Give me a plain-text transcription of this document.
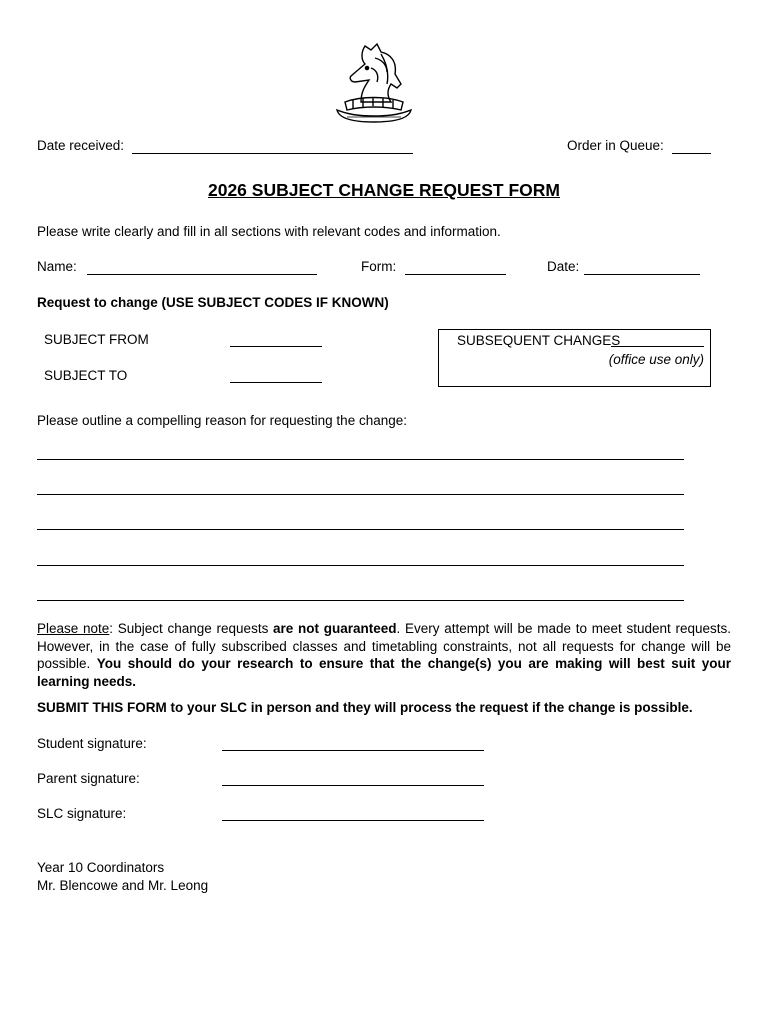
Date received:	Order in Queue:
2026 SUBJECT CHANGE REQUEST FORM
Please write clearly and fill in all sections with relevant codes and information.
Name:	Form:	Date:
Request to change (USE SUBJECT CODES IF KNOWN)
SUBJECT FROM
SUBJECT TO
SUBSEQUENT CHANGES
(office use only)
Please outline a compelling reason for requesting the change:
Please note: Subject change requests are not guaranteed. Every attempt will be made to meet student requests. However, in the case of fully subscribed classes and timetabling constraints, not all requests for change will be possible. You should do your research to ensure that the change(s) you are making will best suit your learning needs.
SUBMIT THIS FORM to your SLC in person and they will process the request if the change is possible.
Student signature:
Parent signature:
SLC signature:
Year 10 Coordinators
Mr. Blencowe and Mr. Leong
